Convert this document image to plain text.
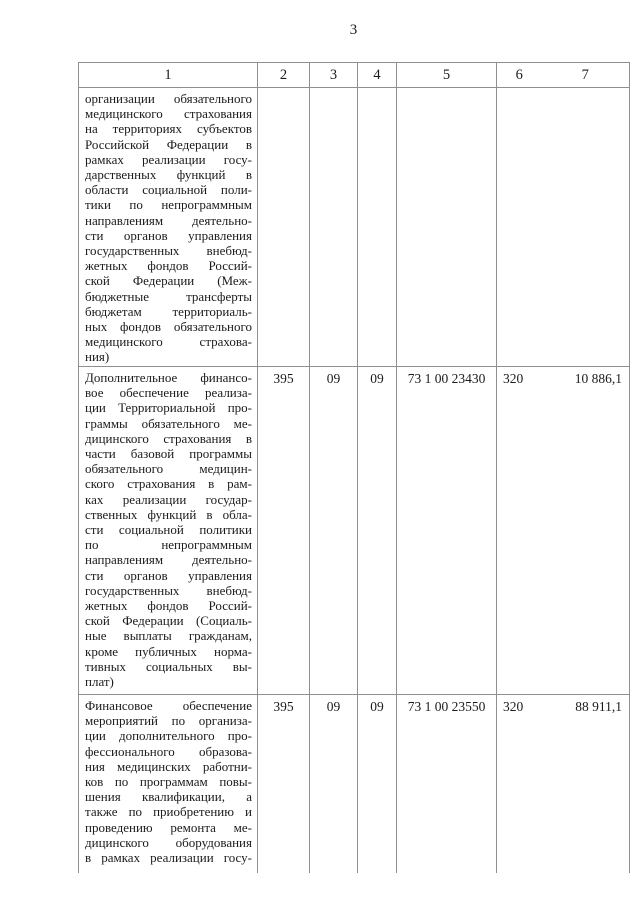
3
1	2	3	4	5	6	7

организации обязательного
медицинского страхования
на территориях субъектов
Российской Федерации в
рамках реализации госу-
дарственных функций в
области социальной поли-
тики по непрограммным
направлениям деятельно-
сти органов управления
государственных внебюд-
жетных фондов Россий-
ской Федерации (Меж-
бюджетные трансферты
бюджетам территориаль-
ных фондов обязательного
медицинского страхова-
ния)

Дополнительное финансо-
вое обеспечение реализа-
ции Территориальной про-
граммы обязательного ме-
дицинского страхования в
части базовой программы
обязательного медицин-
ского страхования в рам-
ках реализации государ-
ственных функций в обла-
сти социальной политики
по непрограммным
направлениям деятельно-
сти органов управления
государственных внебюд-
жетных фондов Россий-
ской Федерации (Социаль-
ные выплаты гражданам,
кроме публичных норма-
тивных социальных вы-
плат)

395	09	09	73 1 00 23430	320	10 886,1

Финансовое обеспечение
мероприятий по организа-
ции дополнительного про-
фессионального образова-
ния медицинских работни-
ков по программам повы-
шения квалификации, а
также по приобретению и
проведению ремонта ме-
дицинского оборудования
в рамках реализации госу-

395	09	09	73 1 00 23550	320	88 911,1
